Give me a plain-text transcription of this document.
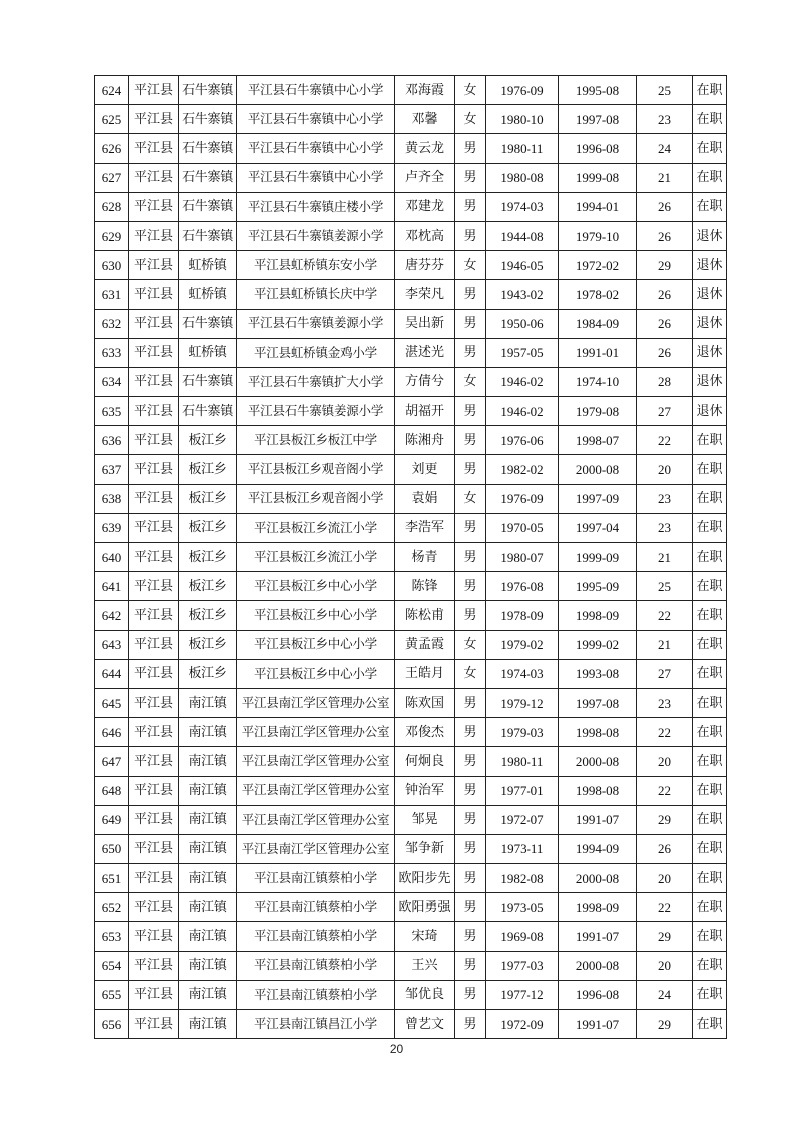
624	平江县	石牛寨镇	平江县石牛寨镇中心小学	邓海霞	女	1976-09	1995-08	25	在职
625	平江县	石牛寨镇	平江县石牛寨镇中心小学	邓馨	女	1980-10	1997-08	23	在职
626	平江县	石牛寨镇	平江县石牛寨镇中心小学	黄云龙	男	1980-11	1996-08	24	在职
627	平江县	石牛寨镇	平江县石牛寨镇中心小学	卢齐全	男	1980-08	1999-08	21	在职
628	平江县	石牛寨镇	平江县石牛寨镇庄楼小学	邓建龙	男	1974-03	1994-01	26	在职
629	平江县	石牛寨镇	平江县石牛寨镇姜源小学	邓枕高	男	1944-08	1979-10	26	退休
630	平江县	虹桥镇	平江县虹桥镇东安小学	唐芬芬	女	1946-05	1972-02	29	退休
631	平江县	虹桥镇	平江县虹桥镇长庆中学	李荣凡	男	1943-02	1978-02	26	退休
632	平江县	石牛寨镇	平江县石牛寨镇姜源小学	吴出新	男	1950-06	1984-09	26	退休
633	平江县	虹桥镇	平江县虹桥镇金鸡小学	湛述光	男	1957-05	1991-01	26	退休
634	平江县	石牛寨镇	平江县石牛寨镇扩大小学	方倩兮	女	1946-02	1974-10	28	退休
635	平江县	石牛寨镇	平江县石牛寨镇姜源小学	胡福开	男	1946-02	1979-08	27	退休
636	平江县	板江乡	平江县板江乡板江中学	陈湘舟	男	1976-06	1998-07	22	在职
637	平江县	板江乡	平江县板江乡观音阁小学	刘更	男	1982-02	2000-08	20	在职
638	平江县	板江乡	平江县板江乡观音阁小学	袁娟	女	1976-09	1997-09	23	在职
639	平江县	板江乡	平江县板江乡流江小学	李浩军	男	1970-05	1997-04	23	在职
640	平江县	板江乡	平江县板江乡流江小学	杨青	男	1980-07	1999-09	21	在职
641	平江县	板江乡	平江县板江乡中心小学	陈锋	男	1976-08	1995-09	25	在职
642	平江县	板江乡	平江县板江乡中心小学	陈松甫	男	1978-09	1998-09	22	在职
643	平江县	板江乡	平江县板江乡中心小学	黄孟霞	女	1979-02	1999-02	21	在职
644	平江县	板江乡	平江县板江乡中心小学	王皓月	女	1974-03	1993-08	27	在职
645	平江县	南江镇	平江县南江学区管理办公室	陈欢国	男	1979-12	1997-08	23	在职
646	平江县	南江镇	平江县南江学区管理办公室	邓俊杰	男	1979-03	1998-08	22	在职
647	平江县	南江镇	平江县南江学区管理办公室	何炯良	男	1980-11	2000-08	20	在职
648	平江县	南江镇	平江县南江学区管理办公室	钟治军	男	1977-01	1998-08	22	在职
649	平江县	南江镇	平江县南江学区管理办公室	邹晃	男	1972-07	1991-07	29	在职
650	平江县	南江镇	平江县南江学区管理办公室	邹争新	男	1973-11	1994-09	26	在职
651	平江县	南江镇	平江县南江镇蔡柏小学	欧阳步先	男	1982-08	2000-08	20	在职
652	平江县	南江镇	平江县南江镇蔡柏小学	欧阳勇强	男	1973-05	1998-09	22	在职
653	平江县	南江镇	平江县南江镇蔡柏小学	宋琦	男	1969-08	1991-07	29	在职
654	平江县	南江镇	平江县南江镇蔡柏小学	王兴	男	1977-03	2000-08	20	在职
655	平江县	南江镇	平江县南江镇蔡柏小学	邹优良	男	1977-12	1996-08	24	在职
656	平江县	南江镇	平江县南江镇昌江小学	曾艺文	男	1972-09	1991-07	29	在职
20
